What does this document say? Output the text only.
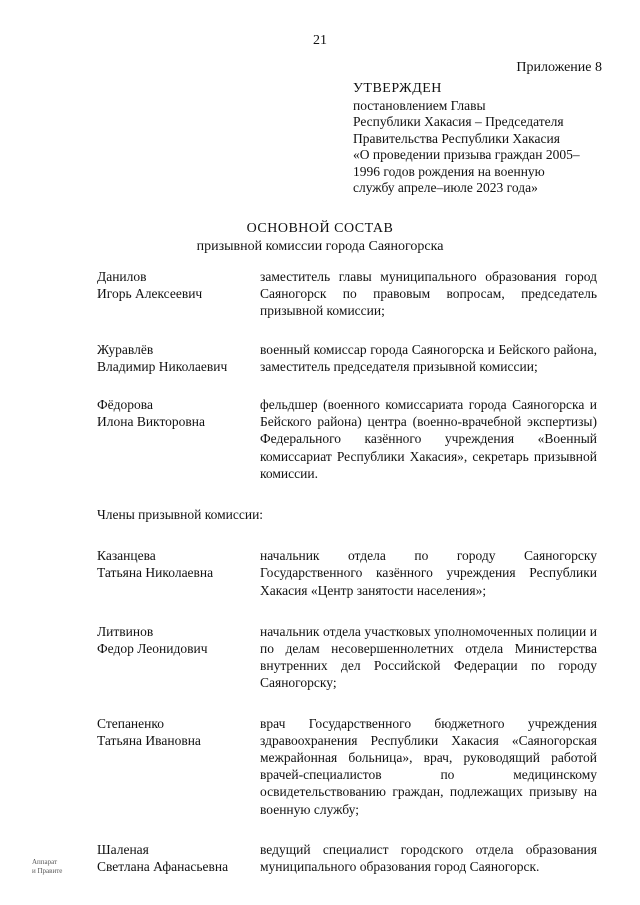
21
Приложение 8
УТВЕРЖДЕН
постановлением Главы
Республики Хакасия – Председателя
Правительства Республики Хакасия
«О проведении призыва граждан 2005–
1996 годов рождения на военную
службу апреле–июле 2023 года»
ОСНОВНОЙ СОСТАВ
призывной комиссии города Саяногорска
Данилов
Игорь Алексеевич
заместитель главы муниципального образования город Саяногорск по правовым вопросам, председатель призывной комиссии;
Журавлёв
Владимир Николаевич
военный комиссар города Саяногорска и Бейского района, заместитель председателя призывной комиссии;
Фёдорова
Илона Викторовна
фельдшер (военного комиссариата города Саяногорска и Бейского района) центра (военно-врачебной экспертизы) Федерального казённого учреждения «Военный комиссариат Республики Хакасия», секретарь призывной комиссии.
Члены призывной комиссии:
Казанцева
Татьяна Николаевна
начальник отдела по городу Саяногорску Государственного казённого учреждения Республики Хакасия «Центр занятости населения»;
Литвинов
Федор Леонидович
начальник отдела участковых уполномоченных полиции и по делам несовершеннолетних отдела Министерства внутренних дел Российской Федерации по городу Саяногорску;
Степаненко
Татьяна Ивановна
врач Государственного бюджетного учреждения здравоохранения Республики Хакасия «Саяногорская межрайонная больница», врач, руководящий работой врачей-специалистов по медицинскому освидетельствованию граждан, подлежащих призыву на военную службу;
Шаленая
Светлана Афанасьевна
ведущий специалист городского отдела образования муниципального образования город Саяногорск.
Аппарат
и Правите
